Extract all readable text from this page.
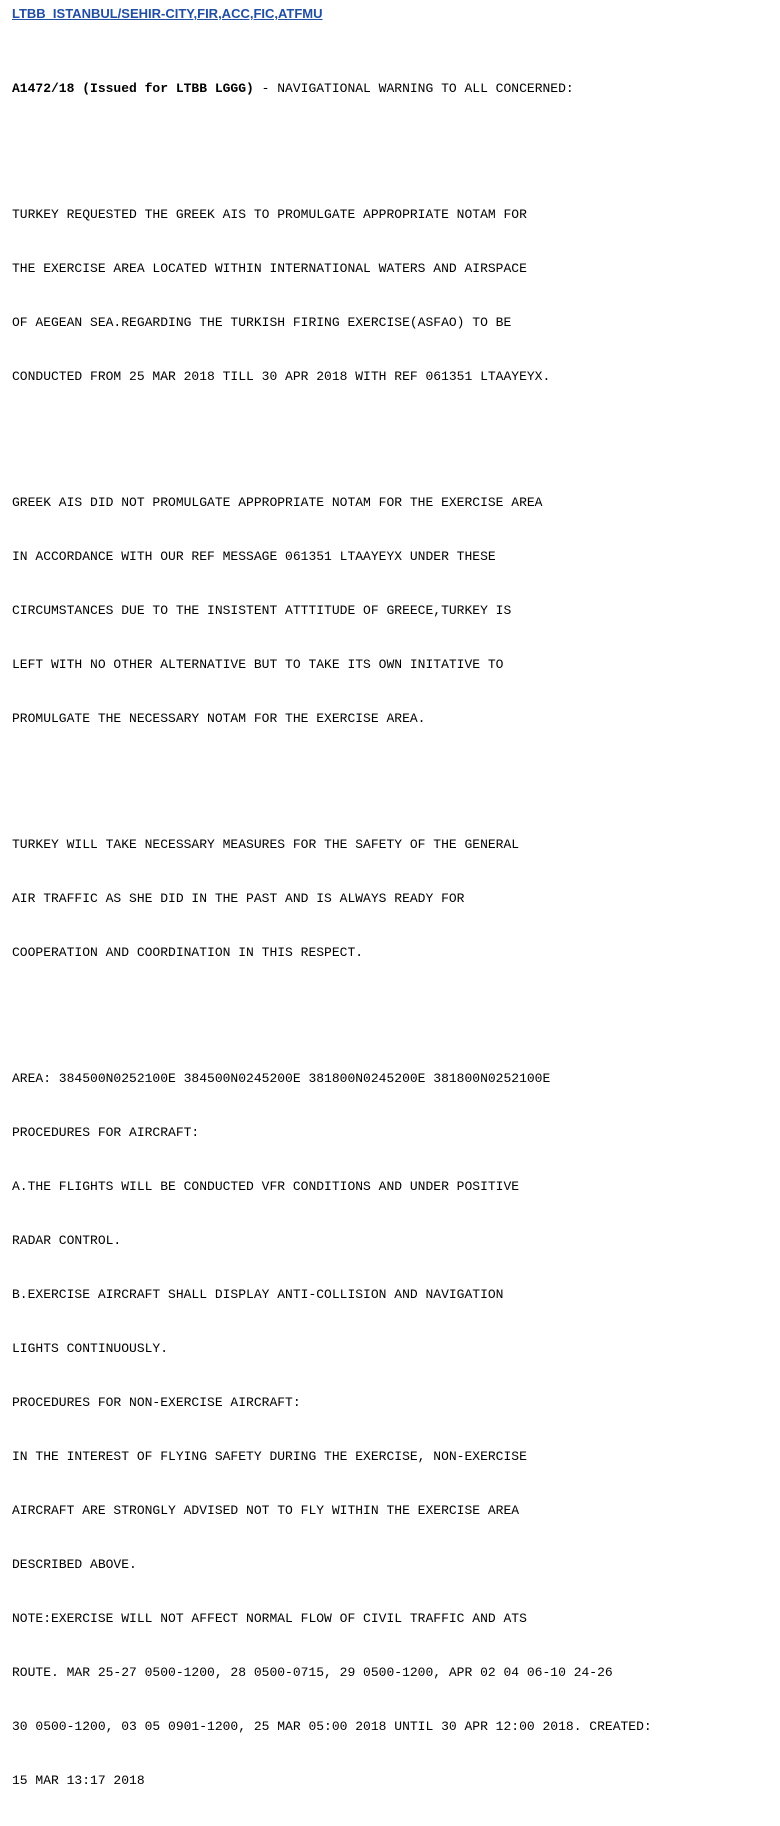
LTBB  ISTANBUL/SEHIR-CITY,FIR,ACC,FIC,ATFMU

A1472/18 (Issued for LTBB LGGG) - NAVIGATIONAL WARNING TO ALL CONCERNED:

TURKEY REQUESTED THE GREEK AIS TO PROMULGATE APPROPRIATE NOTAM FOR

THE EXERCISE AREA LOCATED WITHIN INTERNATIONAL WATERS AND AIRSPACE

OF AEGEAN SEA.REGARDING THE TURKISH FIRING EXERCISE(ASFAO) TO BE

CONDUCTED FROM 25 MAR 2018 TILL 30 APR 2018 WITH REF 061351 LTAAYEYX.

GREEK AIS DID NOT PROMULGATE APPROPRIATE NOTAM FOR THE EXERCISE AREA

IN ACCORDANCE WITH OUR REF MESSAGE 061351 LTAAYEYX UNDER THESE

CIRCUMSTANCES DUE TO THE INSISTENT ATTTITUDE OF GREECE,TURKEY IS

LEFT WITH NO OTHER ALTERNATIVE BUT TO TAKE ITS OWN INITATIVE TO

PROMULGATE THE NECESSARY NOTAM FOR THE EXERCISE AREA.

TURKEY WILL TAKE NECESSARY MEASURES FOR THE SAFETY OF THE GENERAL

AIR TRAFFIC AS SHE DID IN THE PAST AND IS ALWAYS READY FOR

COOPERATION AND COORDINATION IN THIS RESPECT.

AREA: 384500N0252100E 384500N0245200E 381800N0245200E 381800N0252100E

PROCEDURES FOR AIRCRAFT:

A.THE FLIGHTS WILL BE CONDUCTED VFR CONDITIONS AND UNDER POSITIVE

RADAR CONTROL.

B.EXERCISE AIRCRAFT SHALL DISPLAY ANTI-COLLISION AND NAVIGATION

LIGHTS CONTINUOUSLY.

PROCEDURES FOR NON-EXERCISE AIRCRAFT:

IN THE INTEREST OF FLYING SAFETY DURING THE EXERCISE, NON-EXERCISE

AIRCRAFT ARE STRONGLY ADVISED NOT TO FLY WITHIN THE EXERCISE AREA

DESCRIBED ABOVE.

NOTE:EXERCISE WILL NOT AFFECT NORMAL FLOW OF CIVIL TRAFFIC AND ATS

ROUTE. MAR 25-27 0500-1200, 28 0500-0715, 29 0500-1200, APR 02 04 06-10 24-26

30 0500-1200, 03 05 0901-1200, 25 MAR 05:00 2018 UNTIL 30 APR 12:00 2018. CREATED:

15 MAR 13:17 2018
